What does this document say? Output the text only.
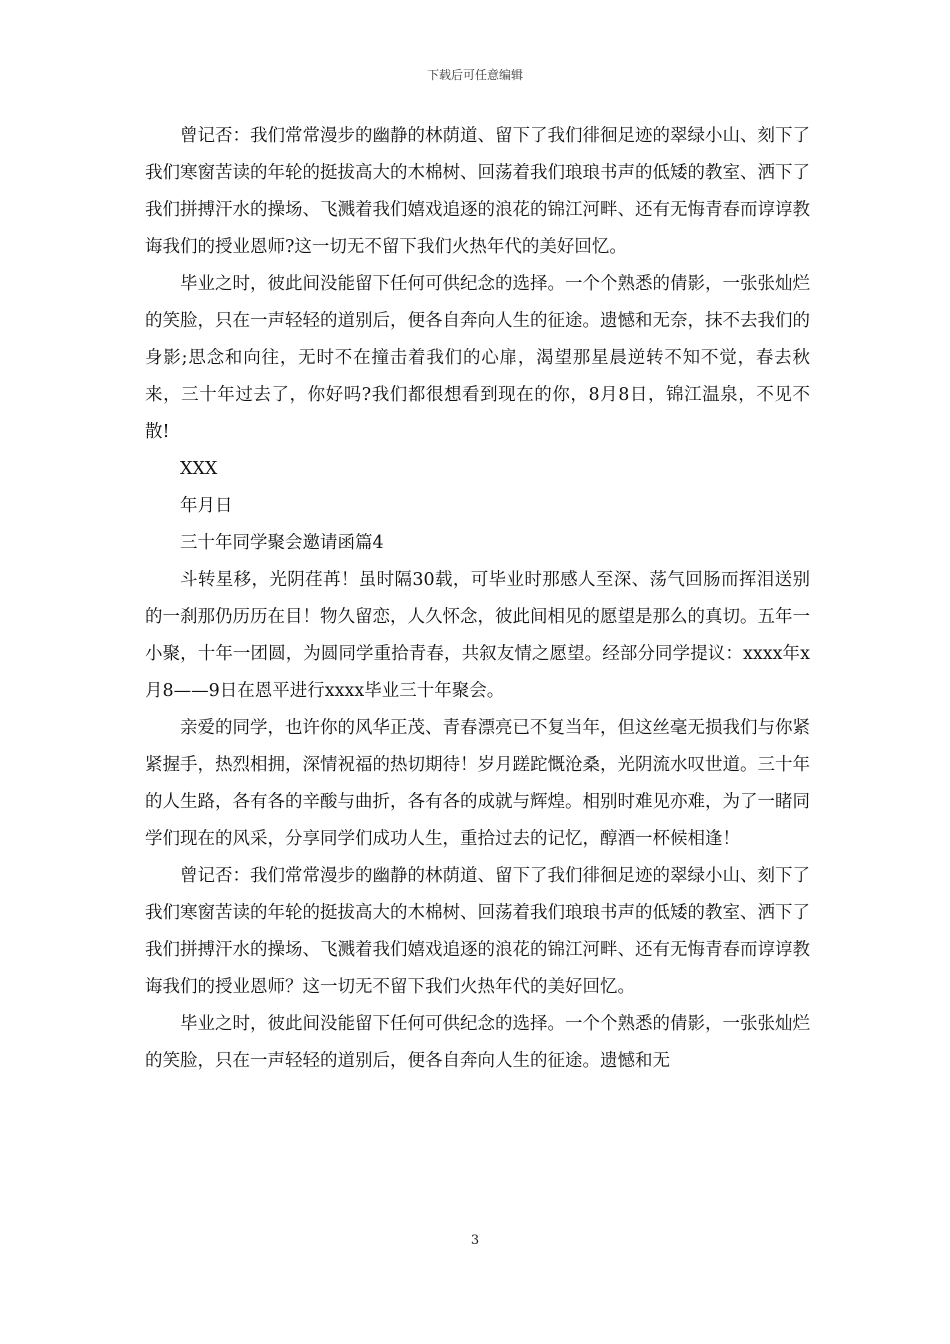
下载后可任意编辑

曾记否：我们常常漫步的幽静的林荫道、留下了我们徘徊足迹的翠绿小山、刻下了我们寒窗苦读的年轮的挺拔高大的木棉树、回荡着我们琅琅书声的低矮的教室、洒下了我们拼搏汗水的操场、飞溅着我们嬉戏追逐的浪花的锦江河畔、还有无悔青春而谆谆教诲我们的授业恩师?这一切无不留下我们火热年代的美好回忆。

毕业之时，彼此间没能留下任何可供纪念的选择。一个个熟悉的倩影，一张张灿烂的笑脸，只在一声轻轻的道别后，便各自奔向人生的征途。遗憾和无奈，抹不去我们的身影;思念和向往，无时不在撞击着我们的心扉，渴望那星晨逆转不知不觉，春去秋来，三十年过去了，你好吗?我们都很想看到现在的你，8月8日，锦江温泉，不见不散!

XXX

年月日

三十年同学聚会邀请函篇4

斗转星移，光阴荏苒！虽时隔30载，可毕业时那感人至深、荡气回肠而挥泪送别的一刹那仍历历在目！物久留恋，人久怀念，彼此间相见的愿望是那么的真切。五年一小聚，十年一团圆，为圆同学重拾青春，共叙友情之愿望。经部分同学提议：xxxx年x月8——9日在恩平进行xxxx毕业三十年聚会。

亲爱的同学，也许你的风华正茂、青春漂亮已不复当年，但这丝毫无损我们与你紧紧握手，热烈相拥，深情祝福的热切期待！岁月蹉跎慨沧桑，光阴流水叹世道。三十年的人生路，各有各的辛酸与曲折，各有各的成就与辉煌。相别时难见亦难，为了一睹同学们现在的风采，分享同学们成功人生，重拾过去的记忆，醇酒一杯候相逢！

曾记否：我们常常漫步的幽静的林荫道、留下了我们徘徊足迹的翠绿小山、刻下了我们寒窗苦读的年轮的挺拔高大的木棉树、回荡着我们琅琅书声的低矮的教室、洒下了我们拼搏汗水的操场、飞溅着我们嬉戏追逐的浪花的锦江河畔、还有无悔青春而谆谆教诲我们的授业恩师？这一切无不留下我们火热年代的美好回忆。

毕业之时，彼此间没能留下任何可供纪念的选择。一个个熟悉的倩影，一张张灿烂的笑脸，只在一声轻轻的道别后，便各自奔向人生的征途。遗憾和无

3
